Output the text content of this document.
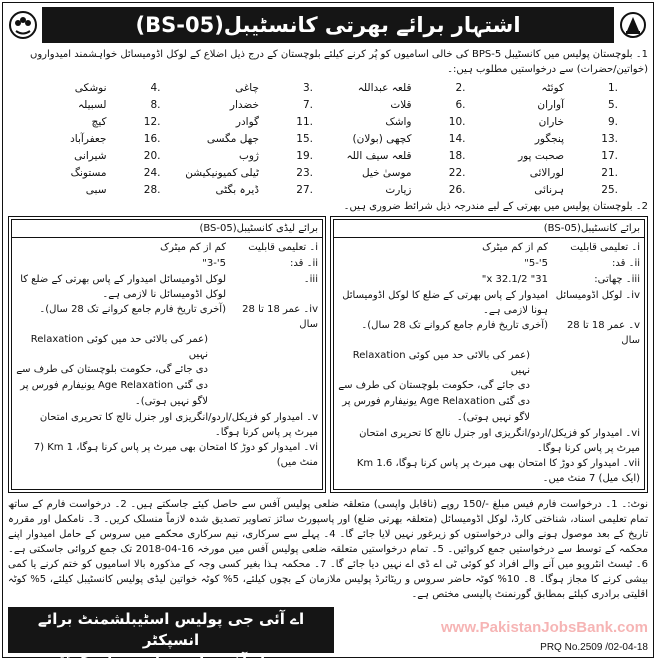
اشتہار برائے بھرتی کانسٹیبل(BS-05)
1۔ بلوچستان پولیس میں کانسٹیبل BPS-5 کی خالی اسامیوں کو پُر کرنے کیلئے بلوچستان کے درج ذیل اضلاع کے لوکل اڈومیسائل خواہشمند امیدواروں (خواتین/حضرات) سے درخواستیں مطلوب ہیں:۔
1.
کوئٹہ
2.
قلعہ عبداللہ
3.
چاغی
4.
نوشکی
5.
آواران
6.
قلات
7.
خضدار
8.
لسبیلہ
9.
خاران
10.
واشک
11.
گوادر
12.
کیچ
13.
پنجگور
14.
کچھی (بولان)
15.
جھل مگسی
16.
جعفرآباد
17.
صحبت پور
18.
قلعہ سیف اللہ
19.
ژوب
20.
شیرانی
21.
لورالائی
22.
موسیٰ خیل
23.
ٹیلی کمیونیکیشن
24.
مستونگ
25.
ہرنائی
26.
زیارت
27.
ڈیرہ بگٹی
28.
سبی
2۔ بلوچستان پولیس میں بھرتی کے لیے مندرجہ ذیل شرائط ضروری ہیں۔
برائے کانسٹیبل(BS-05)
i۔ تعلیمی قابلیت
کم از کم میٹرک
ii۔ قد:
5'-5"
iii۔ چھاتی:
31" x 32.1/2"
iv۔ لوکل اڈومیسائل
امیدوار کے پاس بھرتی کے ضلع کا لوکل اڈومیسائل ہونا لازمی ہے۔
v۔ عمر 18 تا 28 سال
(آخری تاریخ فارم جامع کروانے تک 28 سال)۔
(عمر کی بالائی حد میں کوئی Relaxation نہیں
دی جائے گی، حکومت بلوچستان کی طرف سے
دی گئی Age Relaxation یونیفارم فورس پر
لاگو نہیں ہوتی)۔
vi۔ امیدوار کو فزیکل/اردو/انگریزی اور جنرل نالج کا تحریری امتحان میرٹ پر پاس کرنا ہوگا۔
vii۔ امیدوار کو دوڑ کا امتحان بھی میرٹ پر پاس کرنا ہوگا، 1.6 Km (ایک میل) 7 منٹ میں۔
برائے لیڈی کانسٹیبل(BS-05)
i۔ تعلیمی قابلیت
کم از کم میٹرک
ii۔ قد:
5'-3"
iii۔
لوکل اڈومیسائل امیدوار کے پاس بھرتی کے ضلع کا لوکل اڈومیسائل نا لازمی ہے۔
iv۔ عمر 18 تا 28 سال
(آخری تاریخ فارم جامع کروانے تک 28 سال)۔
(عمر کی بالائی حد میں کوئی Relaxation نہیں
دی جائے گی، حکومت بلوچستان کی طرف سے
دی گئی Age Relaxation یونیفارم فورس پر
لاگو نہیں ہوتی)۔
v۔ امیدوار کو فزیکل/اردو/انگریزی اور جنرل نالج کا تحریری امتحان میرٹ پر پاس کرنا ہوگا۔
vi۔ امیدوار کو دوڑ کا امتحان بھی میرٹ پر پاس کرنا ہوگا، 1 Km (7 منٹ میں)
نوٹ:۔ 1۔ درخواست فارم فیس مبلغ -/150 روپے (ناقابل واپسی) متعلقہ ضلعی پولیس آفس سے حاصل کیئے جاسکتے ہیں۔ 2۔ درخواست فارم کے ساتھ تمام تعلیمی اسناد، شناختی کارڈ، لوکل اڈومیسائل (متعلقہ بھرتی ضلع) اور پاسپورٹ سائز تصاویر تصدیق شدہ لازماً منسلک کریں۔ 3۔ نامکمل اور مقررہ تاریخ کے بعد موصول ہونے والی درخواستوں کو زیرغور نہیں لایا جائے گا۔ 4۔ پہلے سے سرکاری، نیم سرکاری محکمے میں سروس کے حامل امیدوار اپنے محکمہ کے توسط سے درخواستیں جمع کروائیں۔ 5۔ تمام درخواستیں متعلقہ ضلعی پولیس آفس میں مورخہ 16-04-2018 تک جمع کروائی جاسکتی ہے۔ 6۔ ٹیسٹ انٹرویو میں آنے والے افراد کو کوئی ٹی اے ڈی اے نہیں دیا جائے گا۔ 7۔ محکمہ ہذا بغیر کسی وجہ کے مذکورہ بالا اسامیوں کو ختم کرنے یا کمی بیشی کرنے کا مجاز ہوگا۔ 8۔ 10% کوٹہ حاضر سروس و ریٹائرڈ پولیس ملازمان کے بچوں کیلئے، 5% کوٹہ خواتین لیڈی پولیس کانسٹیبل کیلئے، 5% کوٹہ اقلیتی برادری کیلئے بمطابق گورنمنٹ پالیسی مختص ہے۔
اے آئی جی پولیس اسٹیبلشمنٹ برائے انسپکٹر
جنرل آف پولیس بلوچستان کوئٹہ
www.PakistanJobsBank.com
PRQ No.2509 /02-04-18
